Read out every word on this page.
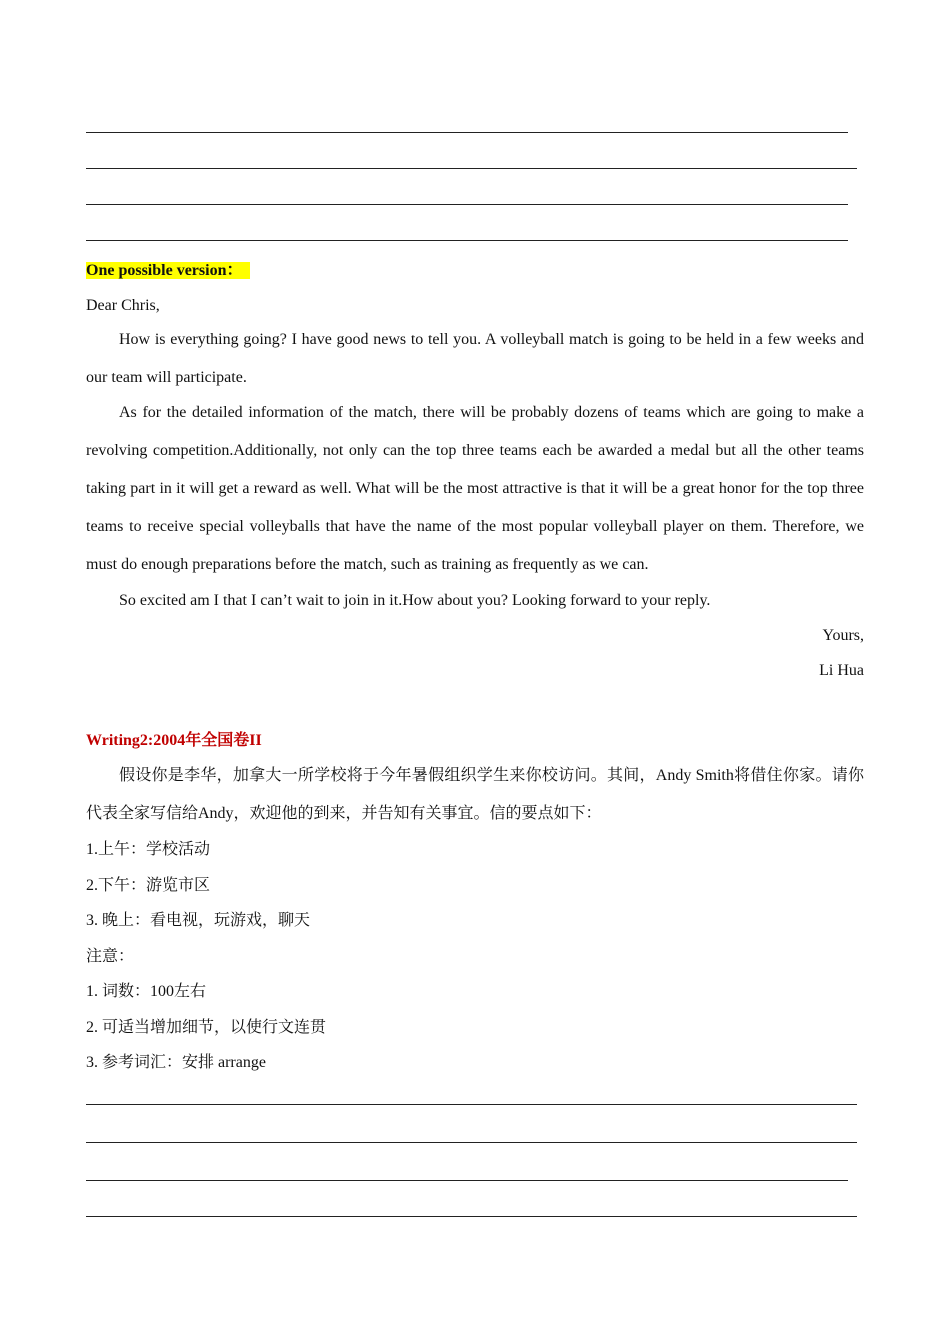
One possible version：
Dear Chris,
How is everything going? I have good news to tell you. A volleyball match is going to be held in a few weeks and our team will participate.
As for the detailed information of the match, there will be probably dozens of teams which are going to make a revolving competition.Additionally, not only can the top three teams each be awarded a medal but all the other teams taking part in it will get a reward as well. What will be the most attractive is that it will be a great honor for the top three teams to receive special volleyballs that have the name of the most popular volleyball player on them. Therefore, we must do enough preparations before the match, such as training as frequently as we can.
So excited am I that I can’t wait to join in it.How about you? Looking forward to your reply.
Yours,
Li Hua
Writing2:2004年全国卷II
假设你是李华，加拿大一所学校将于今年暑假组织学生来你校访问。其间，Andy Smith将借住你家。请你代表全家写信给Andy，欢迎他的到来，并告知有关事宜。信的要点如下：
1.上午：学校活动
2.下午：游览市区
3. 晚上：看电视，玩游戏，聊天
注意：
1. 词数：100左右
2. 可适当增加细节，以使行文连贯
3. 参考词汇：安排 arrange
